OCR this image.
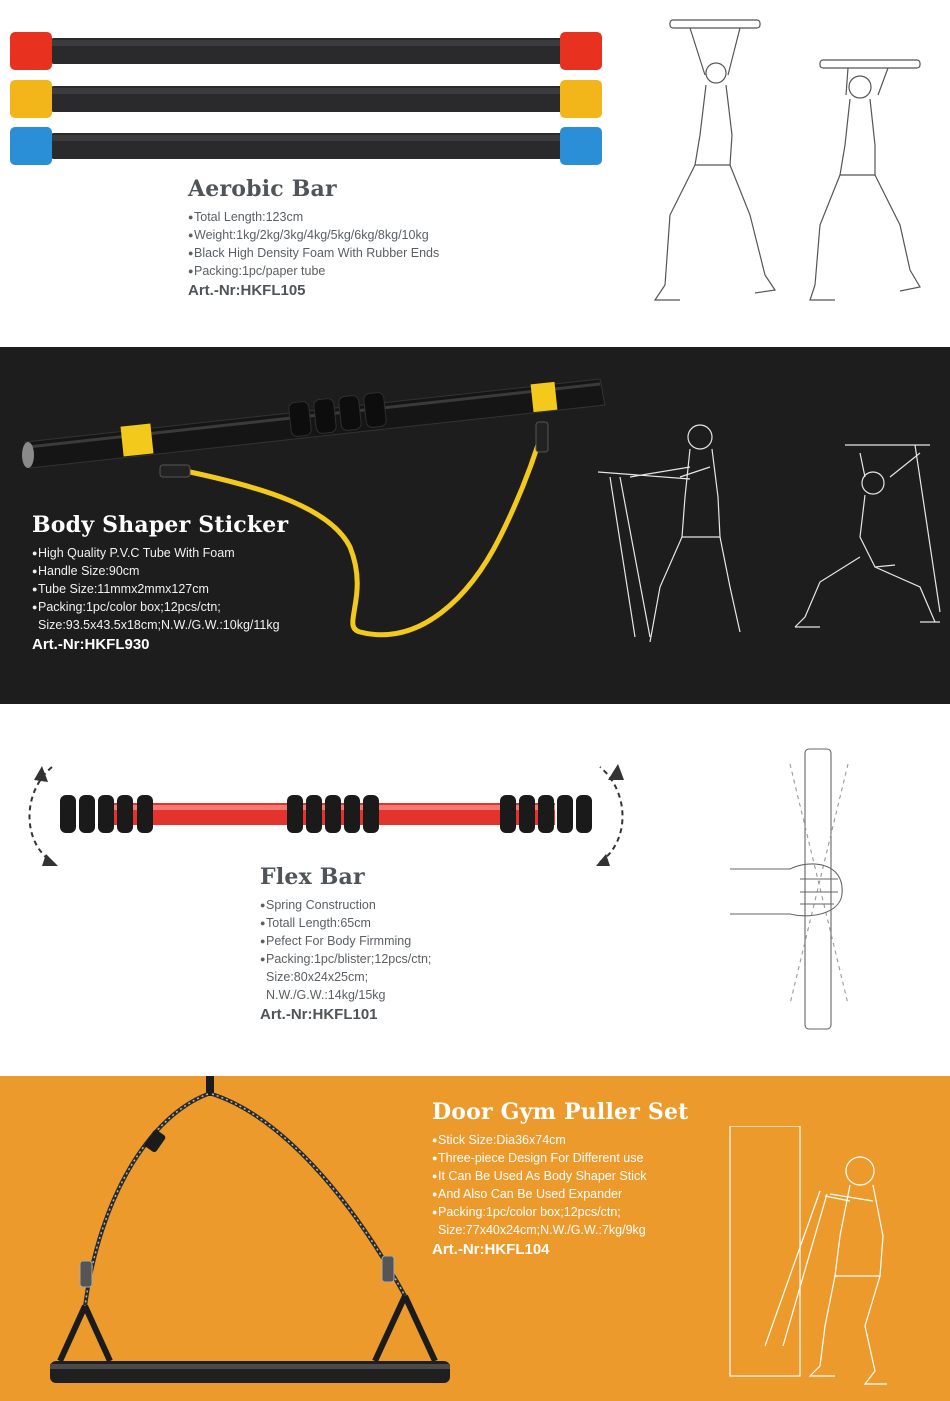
Aerobic Bar
●Total Length:123cm
●Weight:1kg/2kg/3kg/4kg/5kg/6kg/8kg/10kg
●Black High Density Foam With Rubber Ends
●Packing:1pc/paper tube
Art.-Nr:HKFL105
Body Shaper Sticker
●High Quality P.V.C Tube With Foam
●Handle Size:90cm
●Tube Size:11mmx2mmx127cm
●Packing:1pc/color box;12pcs/ctn;
Size:93.5x43.5x18cm;N.W./G.W.:10kg/11kg
Art.-Nr:HKFL930
Flex Bar
●Spring Construction
●Totall Length:65cm
●Pefect For Body Firmming
●Packing:1pc/blister;12pcs/ctn;
Size:80x24x25cm;
N.W./G.W.:14kg/15kg
Art.-Nr:HKFL101
Door Gym Puller Set
●Stick Size:Dia36x74cm
●Three-piece Design For Different use
●It Can Be Used As Body Shaper Stick
●And Also Can Be Used Expander
●Packing:1pc/color box;12pcs/ctn;
Size:77x40x24cm;N.W./G.W.:7kg/9kg
Art.-Nr:HKFL104
